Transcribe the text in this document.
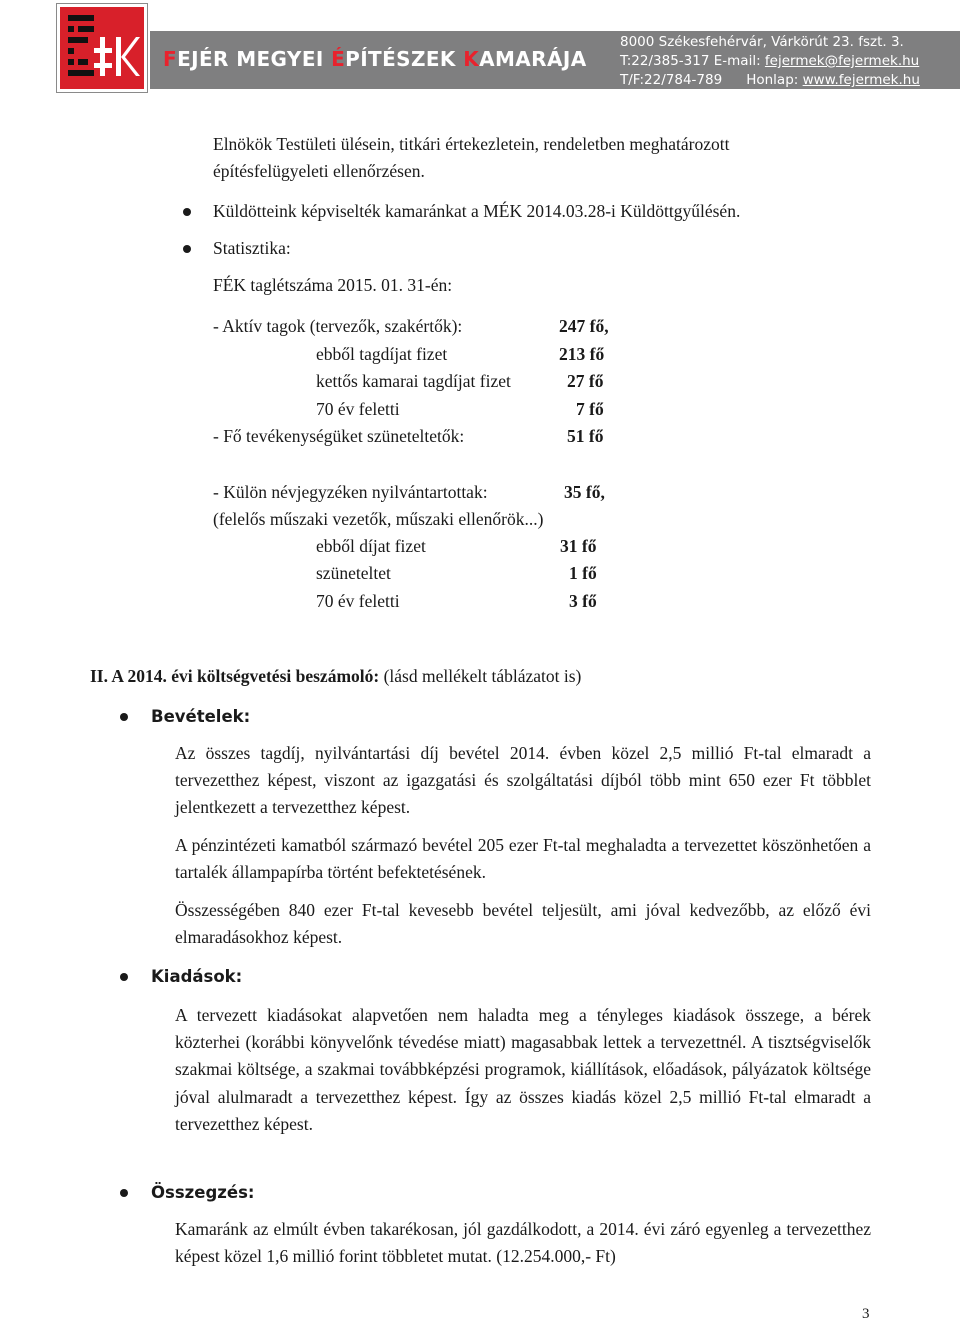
FEJÉR MEGYEI ÉPÍTÉSZEK KAMARÁJA
8000 Székesfehérvár, Várkörút 23. fszt. 3.
T:22/385-317 E-mail: fejermek@fejermek.hu
T/F:22/784-789 Honlap: www.fejermek.hu

Elnökök Testületi ülésein, titkári értekezletein, rendeletben meghatározott

építésfelügyeleti ellenőrzésen.

Küldötteink képviselték kamaránkat a MÉK 2014.03.28-i Küldöttgyűlésén.

Statisztika:

FÉK taglétszáma 2015. 01. 31-én:

- Aktív tagok (tervezők, szakértők):	247 fő,

ebből tagdíjat fizet	213 fő

kettős kamarai tagdíjat fizet	27 fő

70 év feletti	7 fő

- Fő tevékenységüket szüneteltetők:	51 fő

- Külön névjegyzéken nyilvántartottak:	35 fő,

(felelős műszaki vezetők, műszaki ellenőrök...)

ebből díjat fizet	31 fő

szüneteltet	1 fő

70 év feletti	3 fő

II. A 2014. évi költségvetési beszámoló: (lásd mellékelt táblázatot is)

Bevételek:

Az összes tagdíj, nyilvántartási díj bevétel 2014. évben közel 2,5 millió Ft-tal elmaradt a tervezetthez képest, viszont az igazgatási és szolgáltatási díjból több mint 650 ezer Ft többlet jelentkezett a tervezetthez képest.

A pénzintézeti kamatból származó bevétel 205 ezer Ft-tal meghaladta a tervezettet köszönhetően a tartalék állampapírba történt befektetésének.

Összességében 840 ezer Ft-tal kevesebb bevétel teljesült, ami jóval kedvezőbb, az előző évi elmaradásokhoz képest.

Kiadások:

A tervezett kiadásokat alapvetően nem haladta meg a tényleges kiadások összege, a bérek közterhei (korábbi könyvelőnk tévedése miatt) magasabbak lettek a tervezettnél. A tisztségviselők szakmai költsége, a szakmai továbbképzési programok, kiállítások, előadások, pályázatok költsége jóval alulmaradt a tervezetthez képest. Így az összes kiadás közel 2,5 millió Ft-tal elmaradt a tervezetthez képest.

Összegzés:

Kamaránk az elmúlt évben takarékosan, jól gazdálkodott, a 2014. évi záró egyenleg a tervezetthez képest közel 1,6 millió forint többletet mutat. (12.254.000,- Ft)

3
